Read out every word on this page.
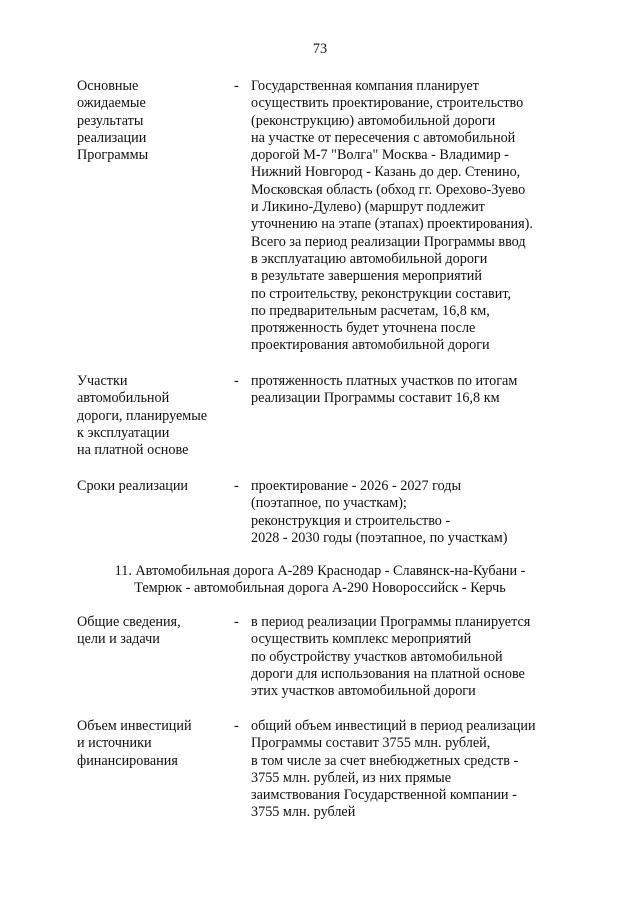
73
Основные
ожидаемые
результаты
реализации
Программы
- Государственная компания планирует
осуществить проектирование, строительство
(реконструкцию) автомобильной дороги
на участке от пересечения с автомобильной
дорогой М-7 "Волга" Москва - Владимир -
Нижний Новгород - Казань до дер. Стенино,
Московская область (обход гг. Орехово-Зуево
и Ликино-Дулево) (маршрут подлежит
уточнению на этапе (этапах) проектирования).
Всего за период реализации Программы ввод
в эксплуатацию автомобильной дороги
в результате завершения мероприятий
по строительству, реконструкции составит,
по предварительным расчетам, 16,8 км,
протяженность будет уточнена после
проектирования автомобильной дороги
Участки
автомобильной
дороги, планируемые
к эксплуатации
на платной основе
- протяженность платных участков по итогам
реализации Программы составит 16,8 км
Сроки реализации	- проектирование - 2026 - 2027 годы
(поэтапное, по участкам);
реконструкция и строительство -
2028 - 2030 годы (поэтапное, по участкам)
11. Автомобильная дорога А-289 Краснодар - Славянск-на-Кубани -
Темрюк - автомобильная дорога А-290 Новороссийск - Керчь
Общие сведения,
цели и задачи
- в период реализации Программы планируется
осуществить комплекс мероприятий
по обустройству участков автомобильной
дороги для использования на платной основе
этих участков автомобильной дороги
Объем инвестиций
и источники
финансирования
- общий объем инвестиций в период реализации
Программы составит 3755 млн. рублей,
в том числе за счет внебюджетных средств -
3755 млн. рублей, из них прямые
заимствования Государственной компании -
3755 млн. рублей
